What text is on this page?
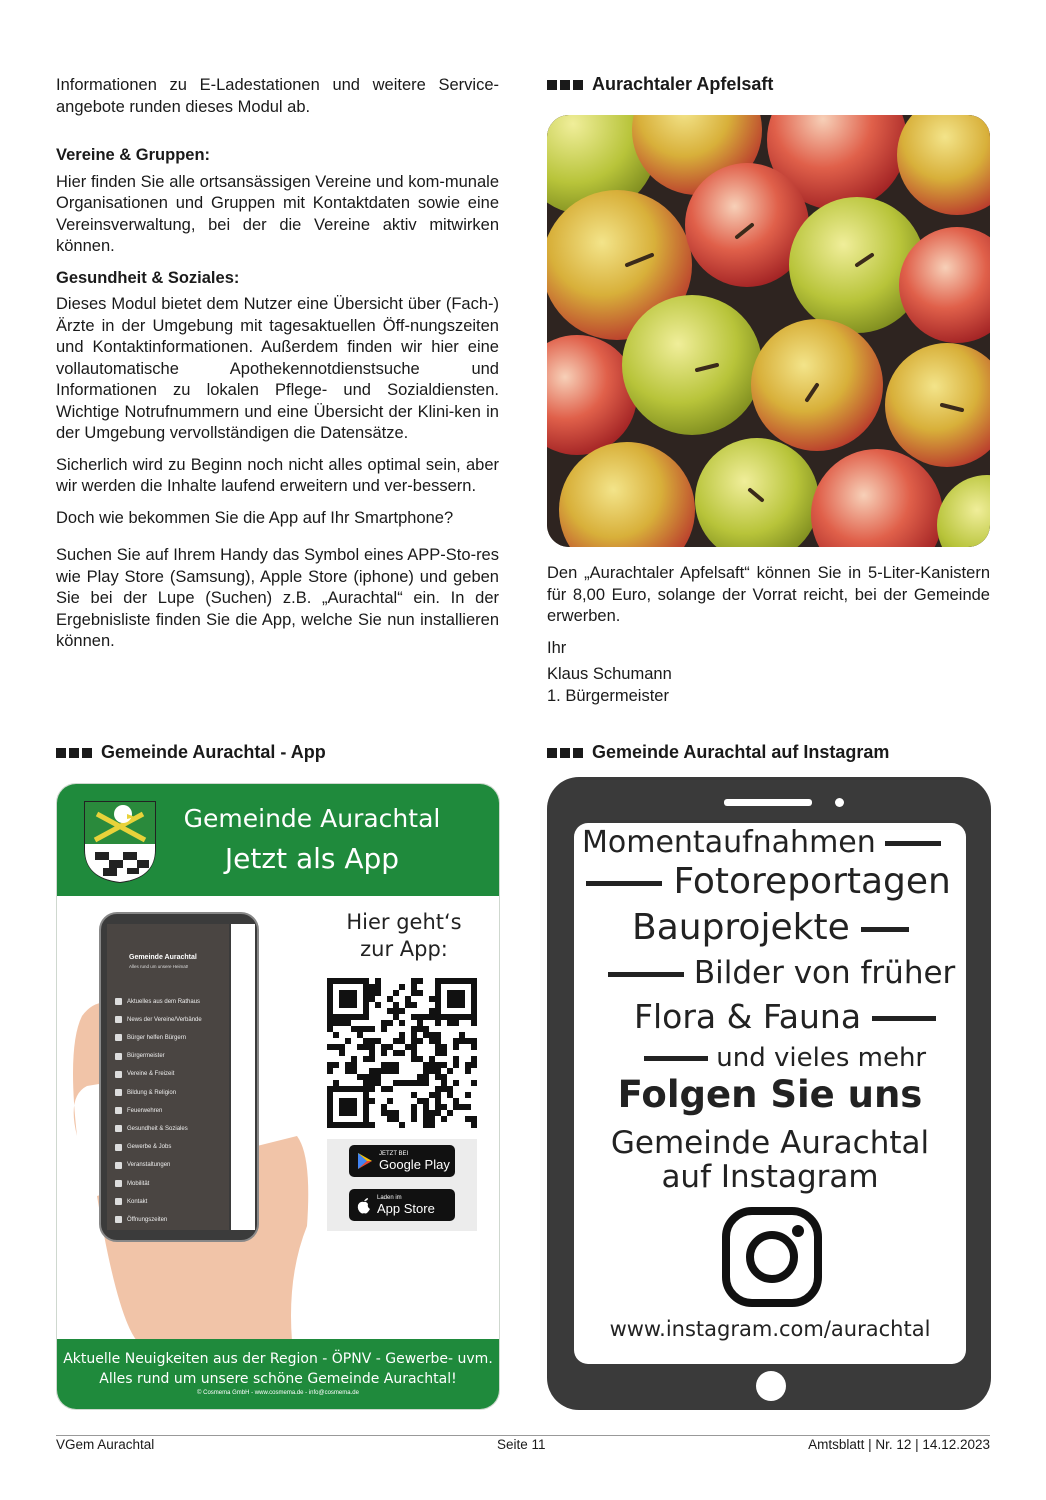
Informationen zu E-Ladestationen und weitere Service-angebote runden dieses Modul ab.

Vereine & Gruppen:

Hier finden Sie alle ortsansässigen Vereine und kom-munale Organisationen und Gruppen mit Kontaktdaten sowie eine Vereinsverwaltung, bei der die Vereine aktiv mitwirken können.

Gesundheit & Soziales:

Dieses Modul bietet dem Nutzer eine Übersicht über (Fach-) Ärzte in der Umgebung mit tagesaktuellen Öff-nungszeiten und Kontaktinformationen. Außerdem finden wir hier eine vollautomatische Apothekennotdienstsuche und Informationen zu lokalen Pflege- und Sozialdiensten. Wichtige Notrufnummern und eine Übersicht der Klini-ken in der Umgebung vervollständigen die Datensätze.

Sicherlich wird zu Beginn noch nicht alles optimal sein, aber wir werden die Inhalte laufend erweitern und ver-bessern.

Doch wie bekommen Sie die App auf Ihr Smartphone?

Suchen Sie auf Ihrem Handy das Symbol eines APP-Sto-res wie Play Store (Samsung), Apple Store (iphone) und geben Sie bei der Lupe (Suchen) z.B. „Aurachtal“ ein. In der Ergebnisliste finden Sie die App, welche Sie nun installieren können.

Aurachtaler Apfelsaft

Den „Aurachtaler Apfelsaft“ können Sie in 5-Liter-Kanistern für 8,00 Euro, solange der Vorrat reicht, bei der Gemeinde erwerben.

Ihr

Klaus Schumann

1. Bürgermeister

Gemeinde Aurachtal - App
Gemeinde Aurachtal
Jetzt als App
Gemeinde Aurachtal
Alles rund um unsere Heimat!
Aktuelles aus dem Rathaus
News der Vereine/Verbände
Bürger helfen Bürgern
Bürgermeister
Vereine & Freizeit
Bildung & Religion
Feuerwehren
Gesundheit & Soziales
Gewerbe & Jobs
Veranstaltungen
Mobilität
Kontakt
Öffnungszeiten
Hier geht‘s
zur App:
JETZT BEI
Google Play
Laden im
App Store
Aktuelle Neuigkeiten aus der Region - ÖPNV - Gewerbe- uvm.
Alles rund um unsere schöne Gemeinde Aurachtal!
© Cosmema GmbH - www.cosmema.de - info@cosmema.de
Gemeinde Aurachtal auf Instagram
Momentaufnahmen
Fotoreportagen
Bauprojekte
Bilder von früher
Flora & Fauna
und vieles mehr
Folgen Sie uns
Gemeinde Aurachtal
auf Instagram
www.instagram.com/aurachtal
VGem Aurachtal	Seite 11	Amtsblatt | Nr. 12 | 14.12.2023
